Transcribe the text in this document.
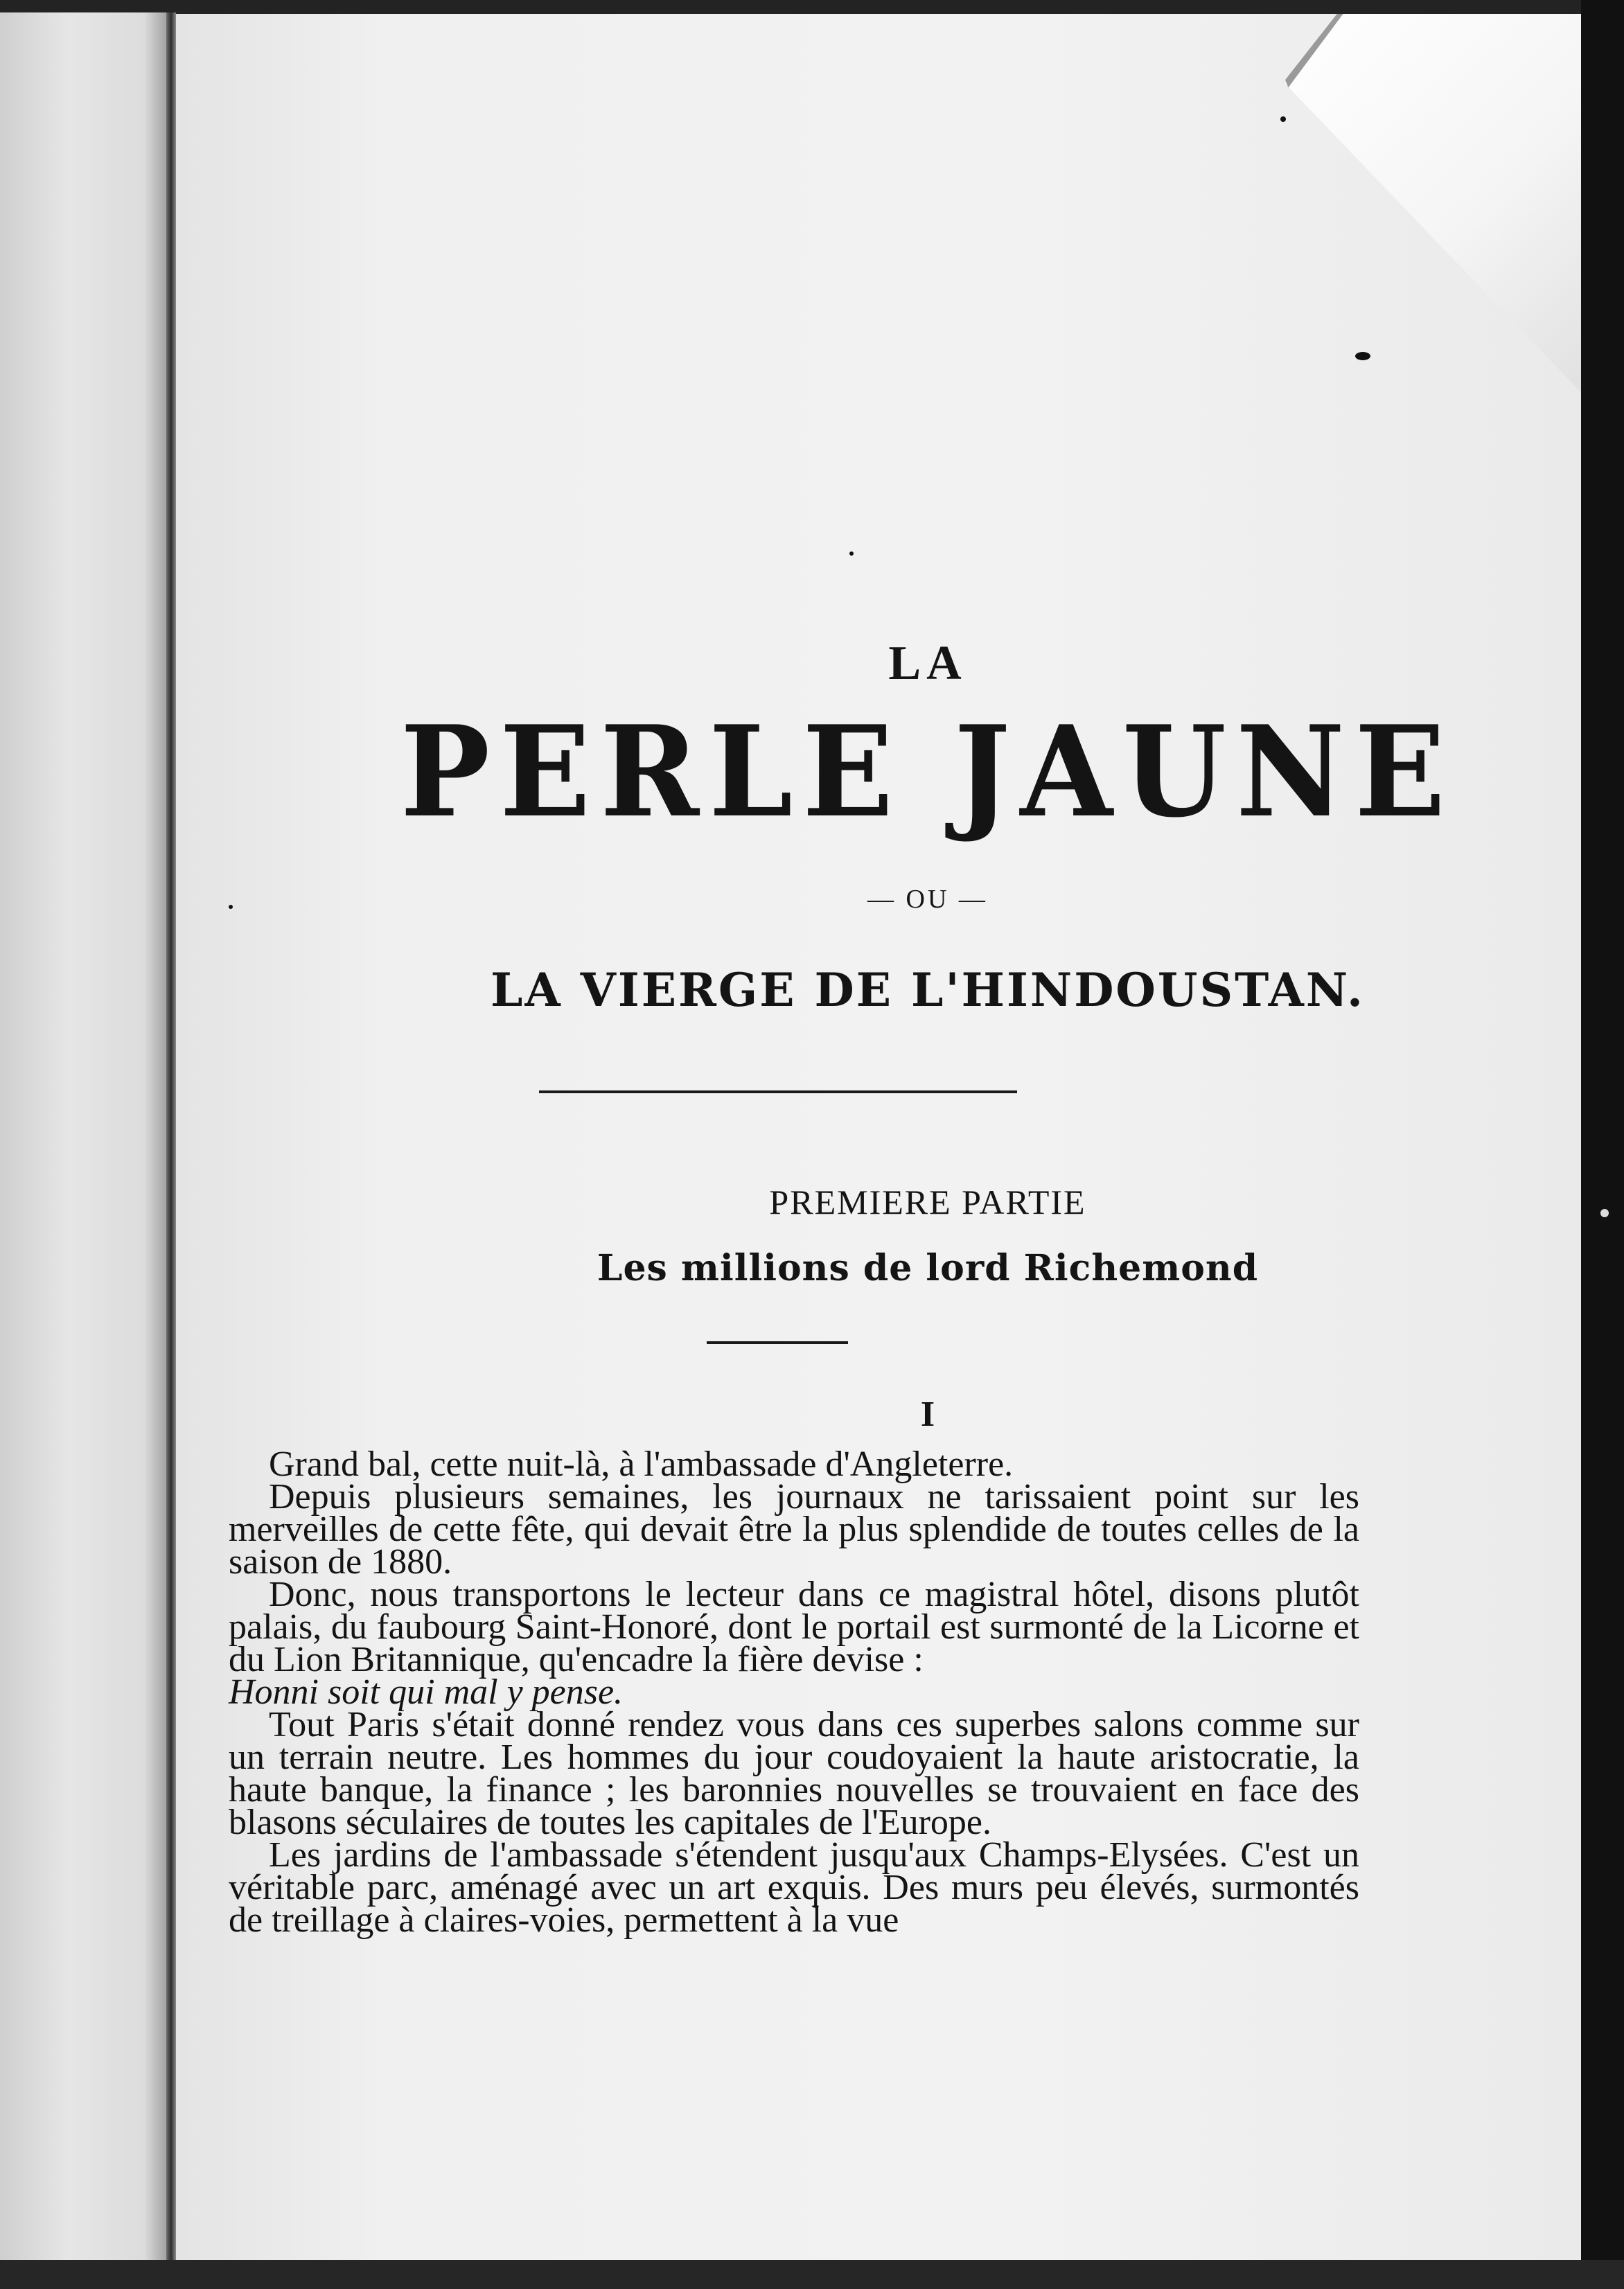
LA
PERLE JAUNE
— OU —
LA VIERGE DE L'HINDOUSTAN.
PREMIERE PARTIE
Les millions de lord Richemond
I

Grand bal, cette nuit-là, à l'ambassade d'Angleterre.

Depuis plusieurs semaines, les journaux ne tarissaient point sur les merveilles de cette fête, qui devait être la plus splendide de toutes celles de la saison de 1880.

Donc, nous transportons le lecteur dans ce magistral hôtel, disons plutôt palais, du faubourg Saint-Honoré, dont le portail est surmonté de la Licorne et du Lion Britannique, qu'encadre la fière devise :
Honni soit qui mal y pense.

Tout Paris s'était donné rendez vous dans ces superbes salons comme sur un terrain neutre. Les hommes du jour coudoyaient la haute aristocratie, la haute banque, la finance ; les baronnies nouvelles se trouvaient en face des blasons séculaires de toutes les capitales de l'Europe.

Les jardins de l'ambassade s'étendent jusqu'aux Champs-Elysées. C'est un véritable parc, aménagé avec un art exquis. Des murs peu élevés, surmontés de treillage à claires-voies, permettent à la vue
